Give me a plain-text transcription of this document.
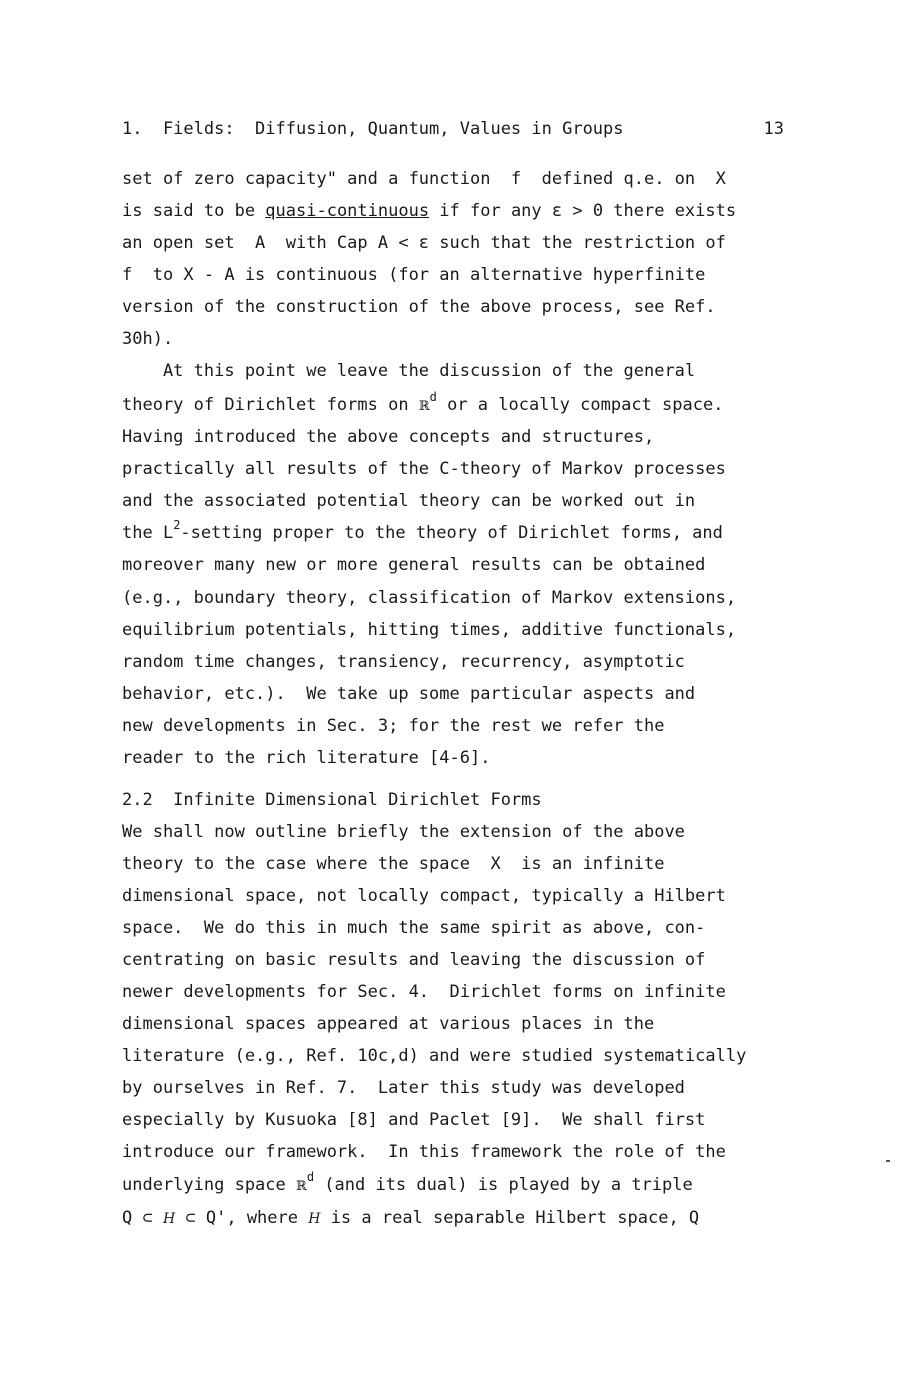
1.  Fields:  Diffusion, Quantum, Values in Groups	13
set of zero capacity" and a function  f  defined q.e. on  X
is said to be quasi-continuous if for any ε > 0 there exists
an open set  A  with Cap A < ε such that the restriction of
f  to X - A is continuous (for an alternative hyperfinite
version of the construction of the above process, see Ref.
30h).
At this point we leave the discussion of the general
theory of Dirichlet forms on ℝ$^d$ or a locally compact space.
Having introduced the above concepts and structures,
practically all results of the C-theory of Markov processes
and the associated potential theory can be worked out in
the $L^2$-setting proper to the theory of Dirichlet forms, and
moreover many new or more general results can be obtained
(e.g., boundary theory, classification of Markov extensions,
equilibrium potentials, hitting times, additive functionals,
random time changes, transiency, recurrency, asymptotic
behavior, etc.).  We take up some particular aspects and
new developments in Sec. 3; for the rest we refer the
reader to the rich literature [4-6].
2.2  Infinite Dimensional Dirichlet Forms
We shall now outline briefly the extension of the above
theory to the case where the space  X  is an infinite
dimensional space, not locally compact, typically a Hilbert
space.  We do this in much the same spirit as above, con-
centrating on basic results and leaving the discussion of
newer developments for Sec. 4.  Dirichlet forms on infinite
dimensional spaces appeared at various places in the
literature (e.g., Ref. 10c,d) and were studied systematically
by ourselves in Ref. 7.  Later this study was developed
especially by Kusuoka [8] and Paclet [9].  We shall first
introduce our framework.  In this framework the role of the
underlying space ℝ$^d$ (and its dual) is played by a triple
Q ⊂ H ⊂ Q', where H is a real separable Hilbert space, Q
